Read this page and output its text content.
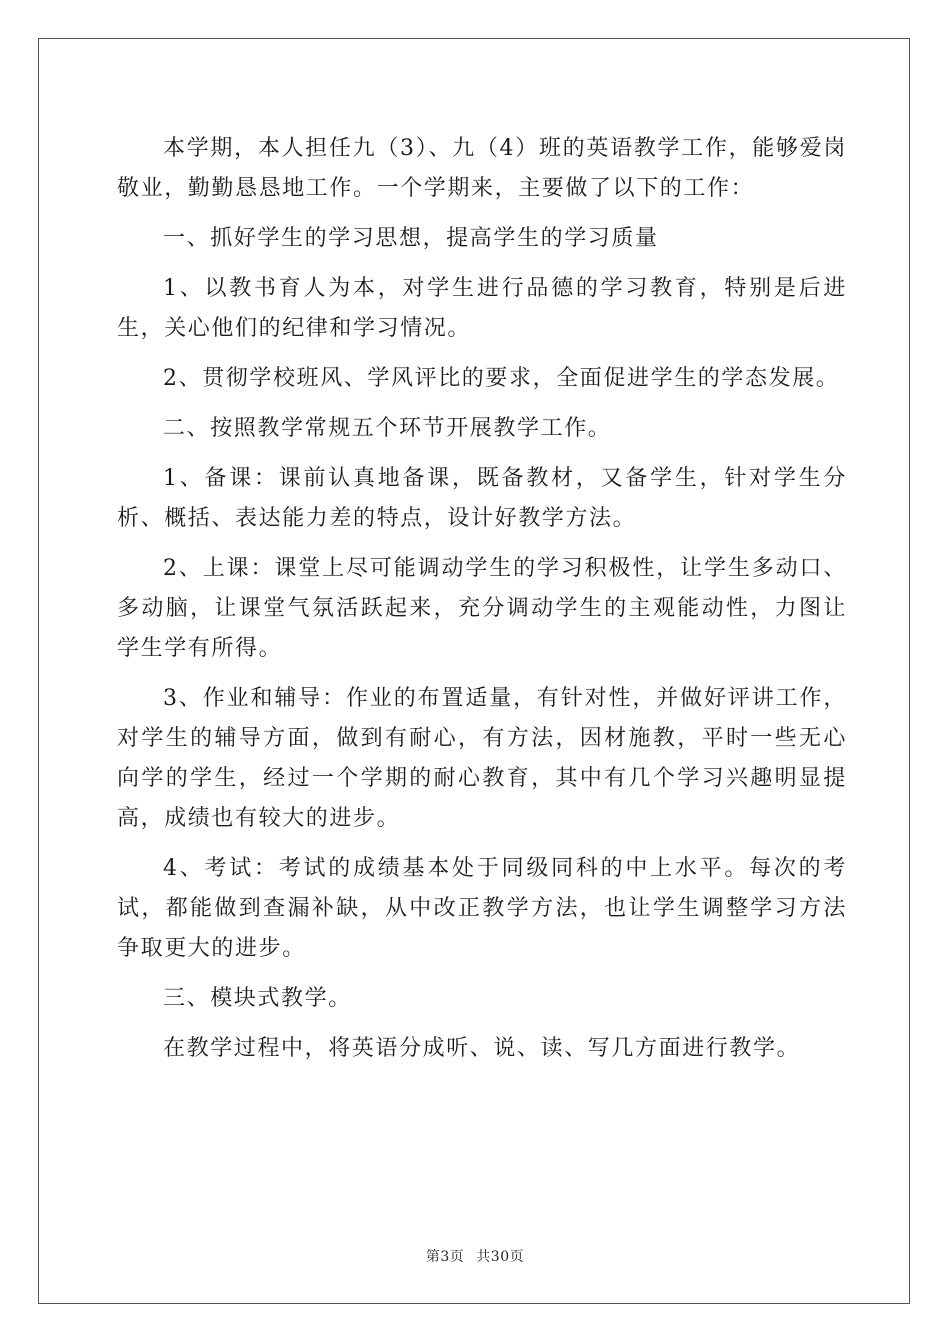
本学期，本人担任九（3）、九（4）班的英语教学工作，能够爱岗敬业，勤勤恳恳地工作。一个学期来，主要做了以下的工作：

一、抓好学生的学习思想，提高学生的学习质量

1、以教书育人为本，对学生进行品德的学习教育，特别是后进生，关心他们的纪律和学习情况。

2、贯彻学校班风、学风评比的要求，全面促进学生的学态发展。

二、按照教学常规五个环节开展教学工作。

1、备课：课前认真地备课，既备教材，又备学生，针对学生分析、概括、表达能力差的特点，设计好教学方法。

2、上课：课堂上尽可能调动学生的学习积极性，让学生多动口、多动脑，让课堂气氛活跃起来，充分调动学生的主观能动性，力图让学生学有所得。

3、作业和辅导：作业的布置适量，有针对性，并做好评讲工作，对学生的辅导方面，做到有耐心，有方法，因材施教，平时一些无心向学的学生，经过一个学期的耐心教育，其中有几个学习兴趣明显提高，成绩也有较大的进步。

4、考试：考试的成绩基本处于同级同科的中上水平。每次的考试，都能做到查漏补缺，从中改正教学方法，也让学生调整学习方法争取更大的进步。

三、模块式教学。

在教学过程中，将英语分成听、说、读、写几方面进行教学。

第3页 共30页
